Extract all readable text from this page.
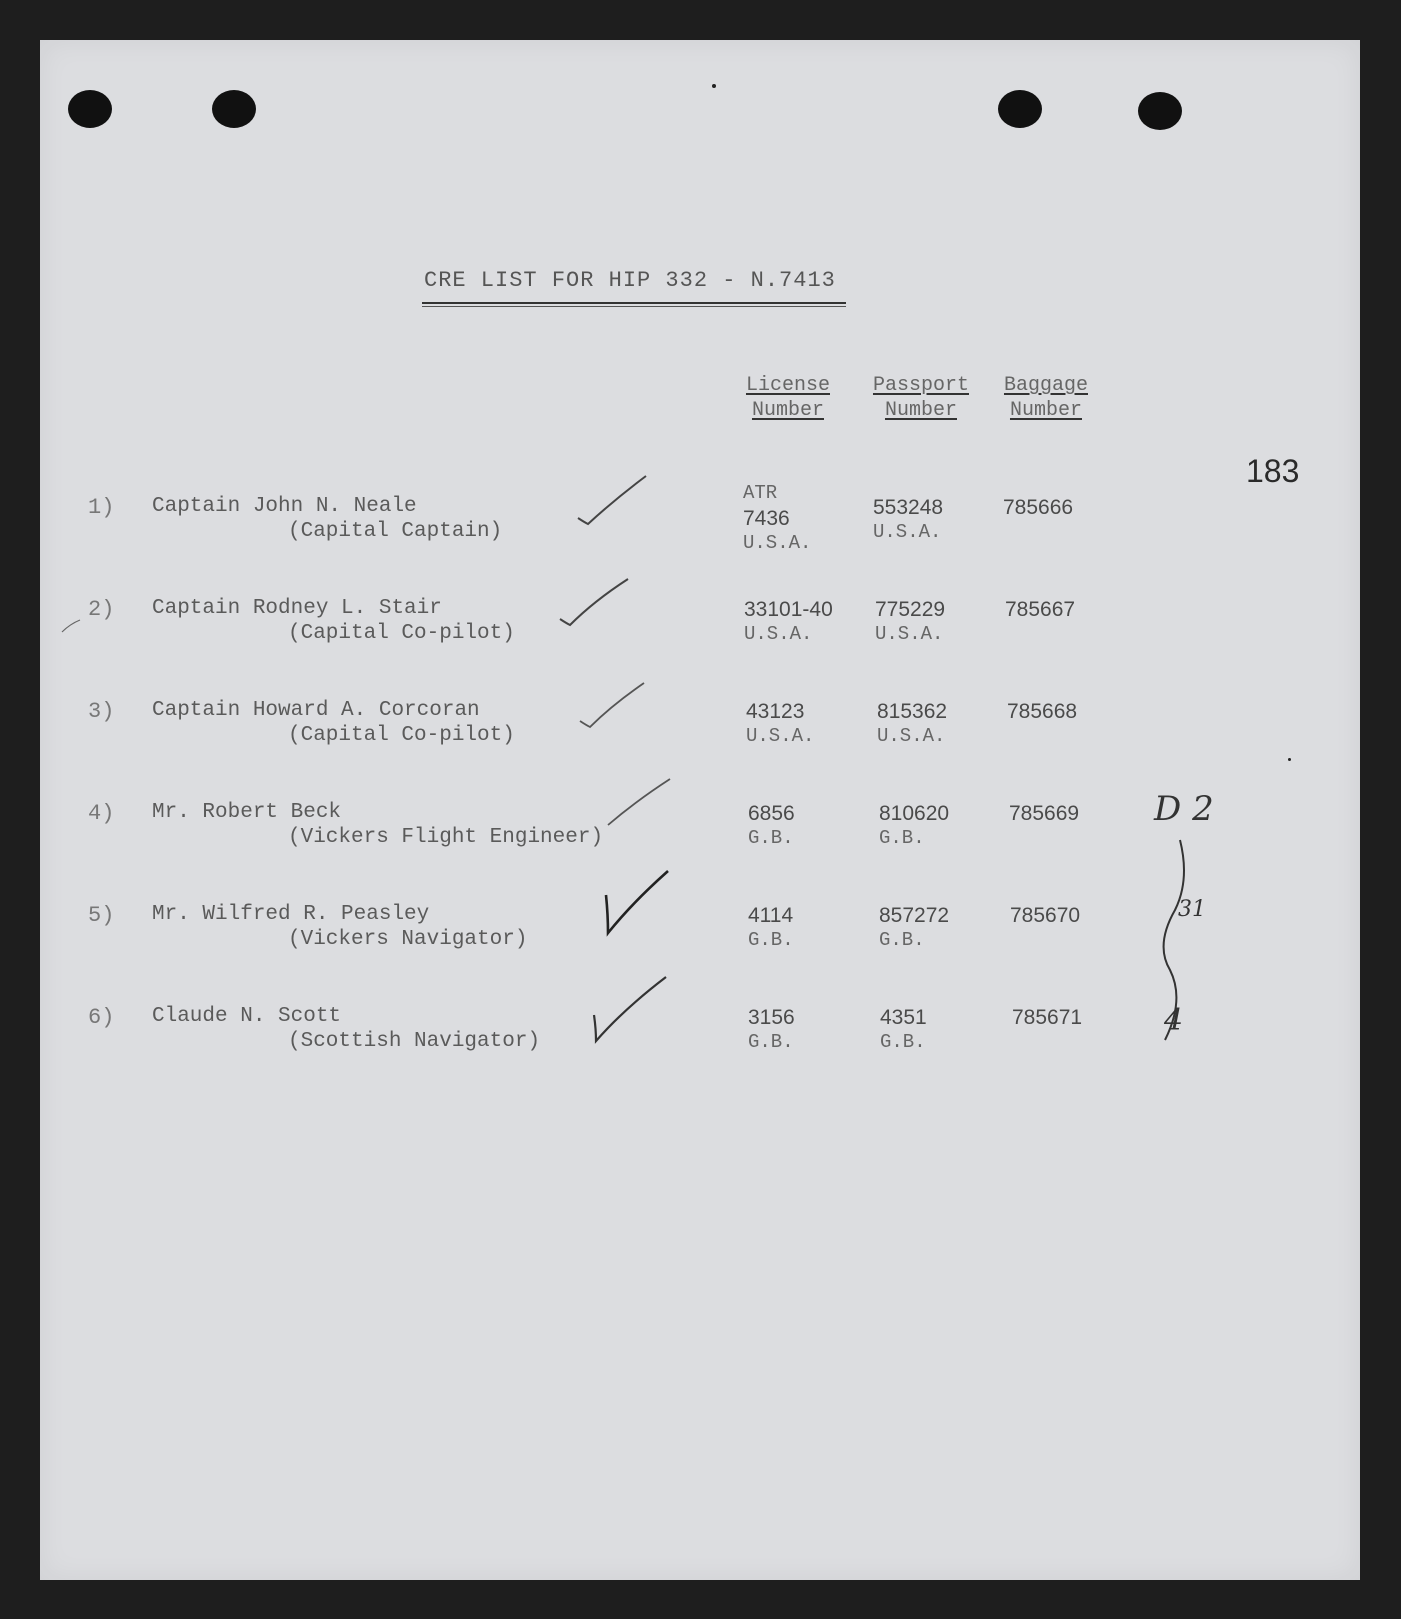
CRE LIST FOR HIP 332 - N.7413
License
Number
Passport
Number
Baggage
Number
183
1) Captain John N. Neale
(Capital Captain)
ATR
7436
U.S.A.
553248
U.S.A.
785666
2) Captain Rodney L. Stair
(Capital Co-pilot)
33101-40
U.S.A.
775229
U.S.A.
785667
3) Captain Howard A. Corcoran
(Capital Co-pilot)
43123
U.S.A.
815362
U.S.A.
785668
4) Mr. Robert Beck
(Vickers Flight Engineer)
6856
G.B.
810620
G.B.
785669
5) Mr. Wilfred R. Peasley
(Vickers Navigator)
4114
G.B.
857272
G.B.
785670
6) Claude N. Scott
(Scottish Navigator)
3156
G.B.
4351
G.B.
785671
D 2
31
4
